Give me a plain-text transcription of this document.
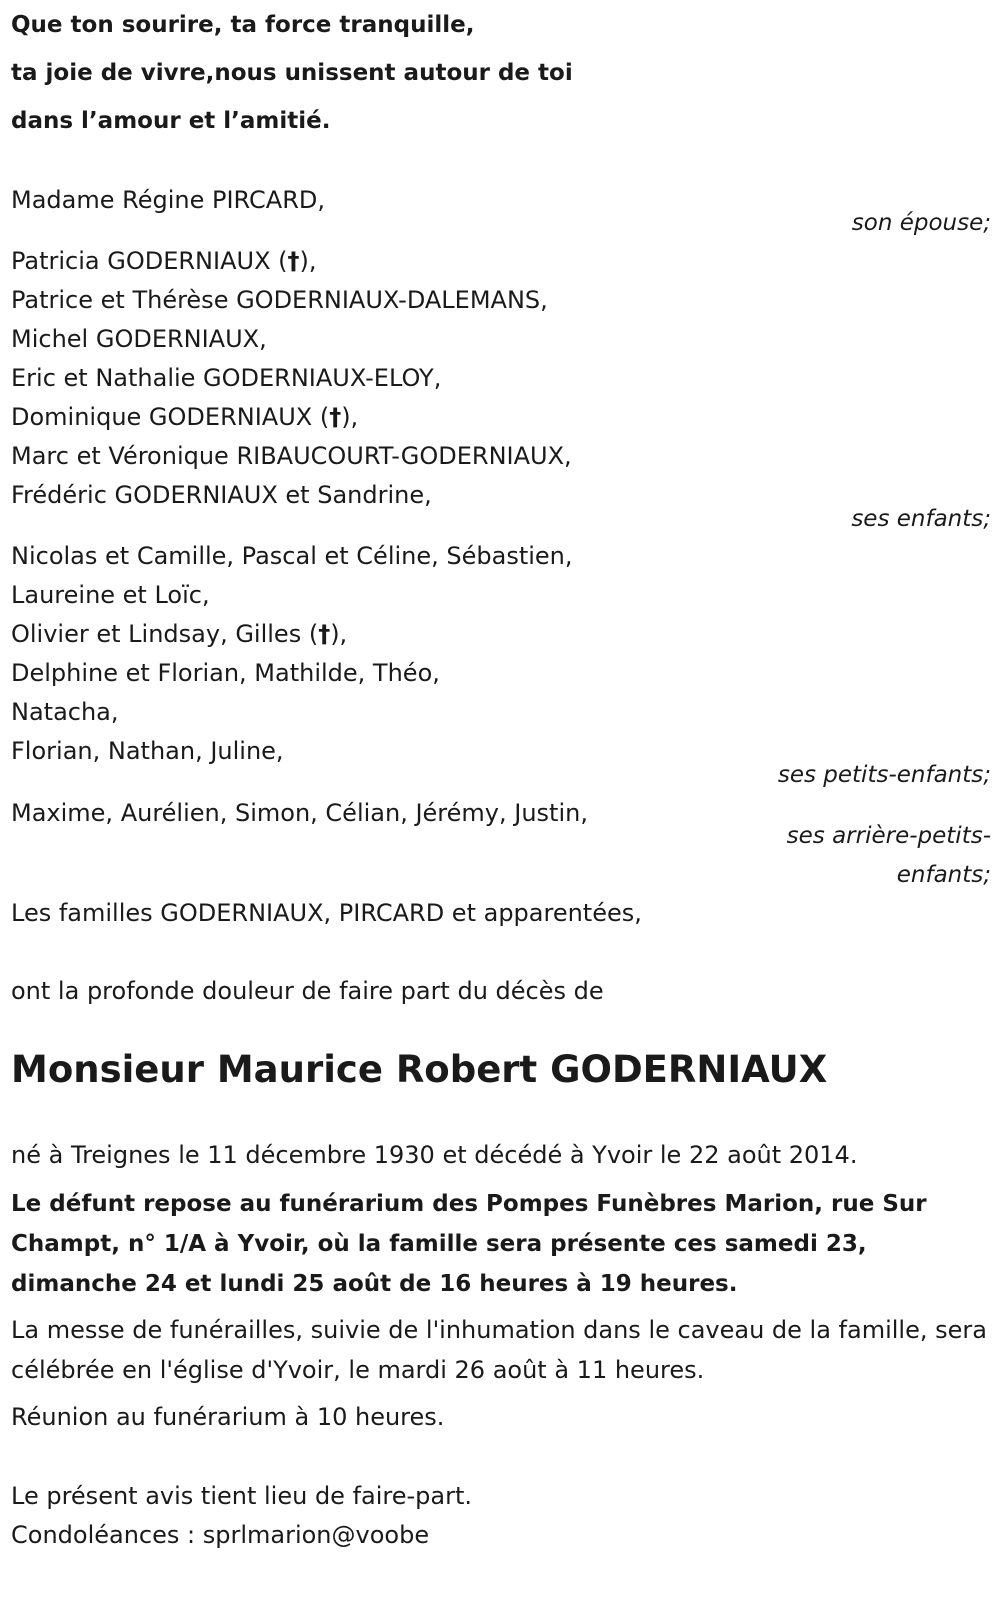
Que ton sourire, ta force tranquille,
ta joie de vivre,nous unissent autour de toi
dans l’amour et l’amitié.
Madame Régine PIRCARD,
son épouse;
Patricia GODERNIAUX (†),
Patrice et Thérèse GODERNIAUX-DALEMANS,
Michel GODERNIAUX,
Eric et Nathalie GODERNIAUX-ELOY,
Dominique GODERNIAUX (†),
Marc et Véronique RIBAUCOURT-GODERNIAUX,
Frédéric GODERNIAUX et Sandrine,
ses enfants;
Nicolas et Camille, Pascal et Céline, Sébastien,
Laureine et Loïc,
Olivier et Lindsay, Gilles (†),
Delphine et Florian, Mathilde, Théo,
Natacha,
Florian, Nathan, Juline,
ses petits-enfants;
Maxime, Aurélien, Simon, Célian, Jérémy, Justin,
ses arrière-petits-
enfants;
Les familles GODERNIAUX, PIRCARD et apparentées,
ont la profonde douleur de faire part du décès de
Monsieur Maurice Robert GODERNIAUX
né à Treignes le 11 décembre 1930 et décédé à Yvoir le 22 août 2014.
Le défunt repose au funérarium des Pompes Funèbres Marion, rue Sur Champt, n° 1/A à Yvoir, où la famille sera présente ces samedi 23, dimanche 24 et lundi 25 août de 16 heures à 19 heures.
La messe de funérailles, suivie de l'inhumation dans le caveau de la famille, sera célébrée en l'église d'Yvoir, le mardi 26 août à 11 heures.
Réunion au funérarium à 10 heures.
Le présent avis tient lieu de faire-part.
Condoléances : sprlmarion@voobe
